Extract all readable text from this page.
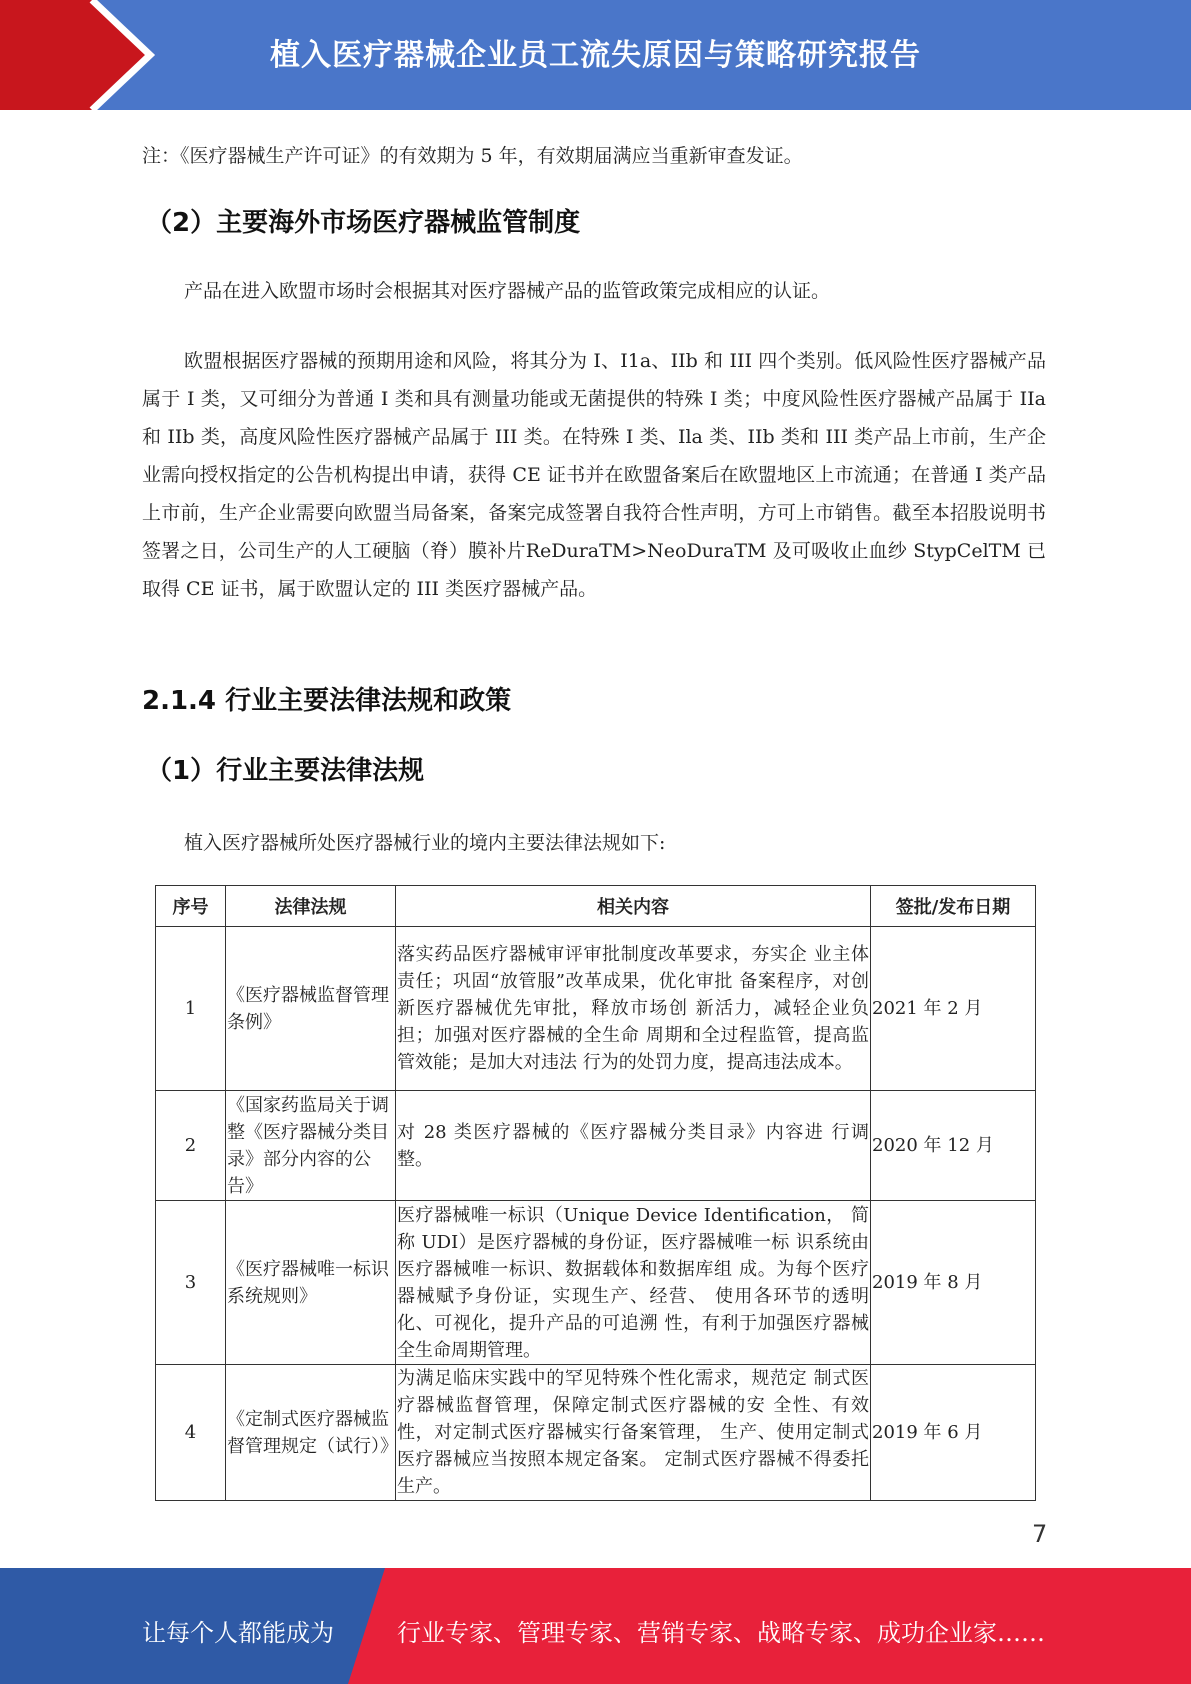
植入医疗器械企业员工流失原因与策略研究报告
注：《医疗器械生产许可证》的有效期为 5 年，有效期届满应当重新审查发证。
（2）主要海外市场医疗器械监管制度
产品在进入欧盟市场时会根据其对医疗器械产品的监管政策完成相应的认证。
欧盟根据医疗器械的预期用途和风险，将其分为 I、I1a、IIb 和 III 四个类别。低风险性医疗器械产品属于 I 类，又可细分为普通 I 类和具有测量功能或无菌提供的特殊 I 类；中度风险性医疗器械产品属于 IIa 和 IIb 类，高度风险性医疗器械产品属于 III 类。在特殊 I 类、Ila 类、IIb 类和 III 类产品上市前，生产企业需向授权指定的公告机构提出申请，获得 CE 证书并在欧盟备案后在欧盟地区上市流通；在普通 I 类产品上市前，生产企业需要向欧盟当局备案，备案完成签署自我符合性声明，方可上市销售。截至本招股说明书签署之日，公司生产的人工硬脑（脊）膜补片ReDuraTM>NeoDuraTM 及可吸收止血纱 StypCelTM 已取得 CE 证书，属于欧盟认定的 III 类医疗器械产品。
2.1.4 行业主要法律法规和政策
（1）行业主要法律法规
植入医疗器械所处医疗器械行业的境内主要法律法规如下:
序号	法律法规	相关内容	签批/发布日期
1	《医疗器械监督管理条例》	落实药品医疗器械审评审批制度改革要求，夯实企 业主体责任；巩固“放管服”改革成果，优化审批 备案程序，对创新医疗器械优先审批，释放市场创 新活力，减轻企业负担；加强对医疗器械的全生命 周期和全过程监管，提高监管效能；是加大对违法 行为的处罚力度，提高违法成本。	2021 年 2 月
2	《国家药监局关于调整《医疗器械分类目录》部分内容的公告》	对 28 类医疗器械的《医疗器械分类目录》内容进 行调整。	2020 年 12 月
3	《医疗器械唯一标识系统规则》	医疗器械唯一标识（Unique Device Identification， 简称 UDI）是医疗器械的身份证，医疗器械唯一标 识系统由医疗器械唯一标识、数据载体和数据库组 成。为每个医疗器械赋予身份证，实现生产、经营、 使用各环节的透明化、可视化，提升产品的可追溯 性，有利于加强医疗器械全生命周期管理。	2019 年 8 月
4	《定制式医疗器械监督管理规定（试行）》	为满足临床实践中的罕见特殊个性化需求，规范定 制式医疗器械监督管理，保障定制式医疗器械的安 全性、有效性，对定制式医疗器械实行备案管理， 生产、使用定制式医疗器械应当按照本规定备案。 定制式医疗器械不得委托生产。	2019 年 6 月
7
让每个人都能成为	行业专家、管理专家、营销专家、战略专家、成功企业家……
